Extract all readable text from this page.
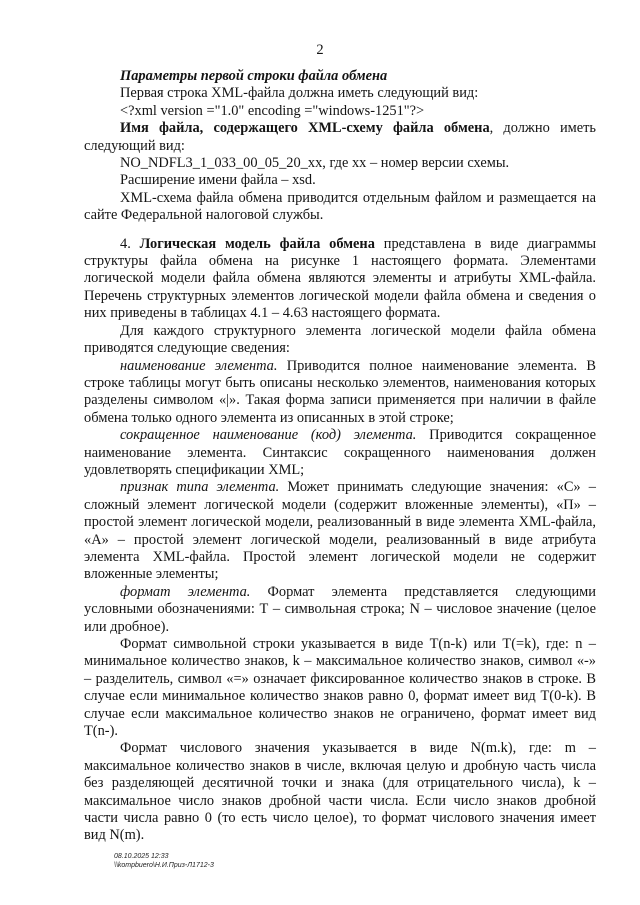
2

Параметры первой строки файла обмена

Первая строка XML-файла должна иметь следующий вид:

<?xml version ="1.0" encoding ="windows-1251"?>

Имя файла, содержащего XML-схему файла обмена, должно иметь следующий вид:

NO_NDFL3_1_033_00_05_20_xx, где хх – номер версии схемы.

Расширение имени файла – xsd.

XML-схема файла обмена приводится отдельным файлом и размещается на сайте Федеральной налоговой службы.

4. Логическая модель файла обмена представлена в виде диаграммы структуры файла обмена на рисунке 1 настоящего формата. Элементами логической модели файла обмена являются элементы и атрибуты XML-файла. Перечень структурных элементов логической модели файла обмена и сведения о них приведены в таблицах 4.1 – 4.63 настоящего формата.

Для каждого структурного элемента логической модели файла обмена приводятся следующие сведения:

наименование элемента. Приводится полное наименование элемента. В строке таблицы могут быть описаны несколько элементов, наименования которых разделены символом «|». Такая форма записи применяется при наличии в файле обмена только одного элемента из описанных в этой строке;

сокращенное наименование (код) элемента. Приводится сокращенное наименование элемента. Синтаксис сокращенного наименования должен удовлетворять спецификации XML;

признак типа элемента. Может принимать следующие значения: «С» – сложный элемент логической модели (содержит вложенные элементы), «П» – простой элемент логической модели, реализованный в виде элемента XML-файла, «А» – простой элемент логической модели, реализованный в виде атрибута элемента XML-файла. Простой элемент логической модели не содержит вложенные элементы;

формат элемента. Формат элемента представляется следующими условными обозначениями: Т – символьная строка; N – числовое значение (целое или дробное).

Формат символьной строки указывается в виде Т(n-k) или T(=k), где: n – минимальное количество знаков, k – максимальное количество знаков, символ «-» – разделитель, символ «=» означает фиксированное количество знаков в строке. В случае если минимальное количество знаков равно 0, формат имеет вид Т(0-k). В случае если максимальное количество знаков не ограничено, формат имеет вид Т(n-).

Формат числового значения указывается в виде N(m.k), где: m – максимальное количество знаков в числе, включая целую и дробную часть числа без разделяющей десятичной точки и знака (для отрицательного числа), k – максимальное число знаков дробной части числа. Если число знаков дробной части числа равно 0 (то есть число целое), то формат числового значения имеет вид N(m).

08.10.2025 12:33
\\kompbuero\Н.И.Приз-Л1712-3
